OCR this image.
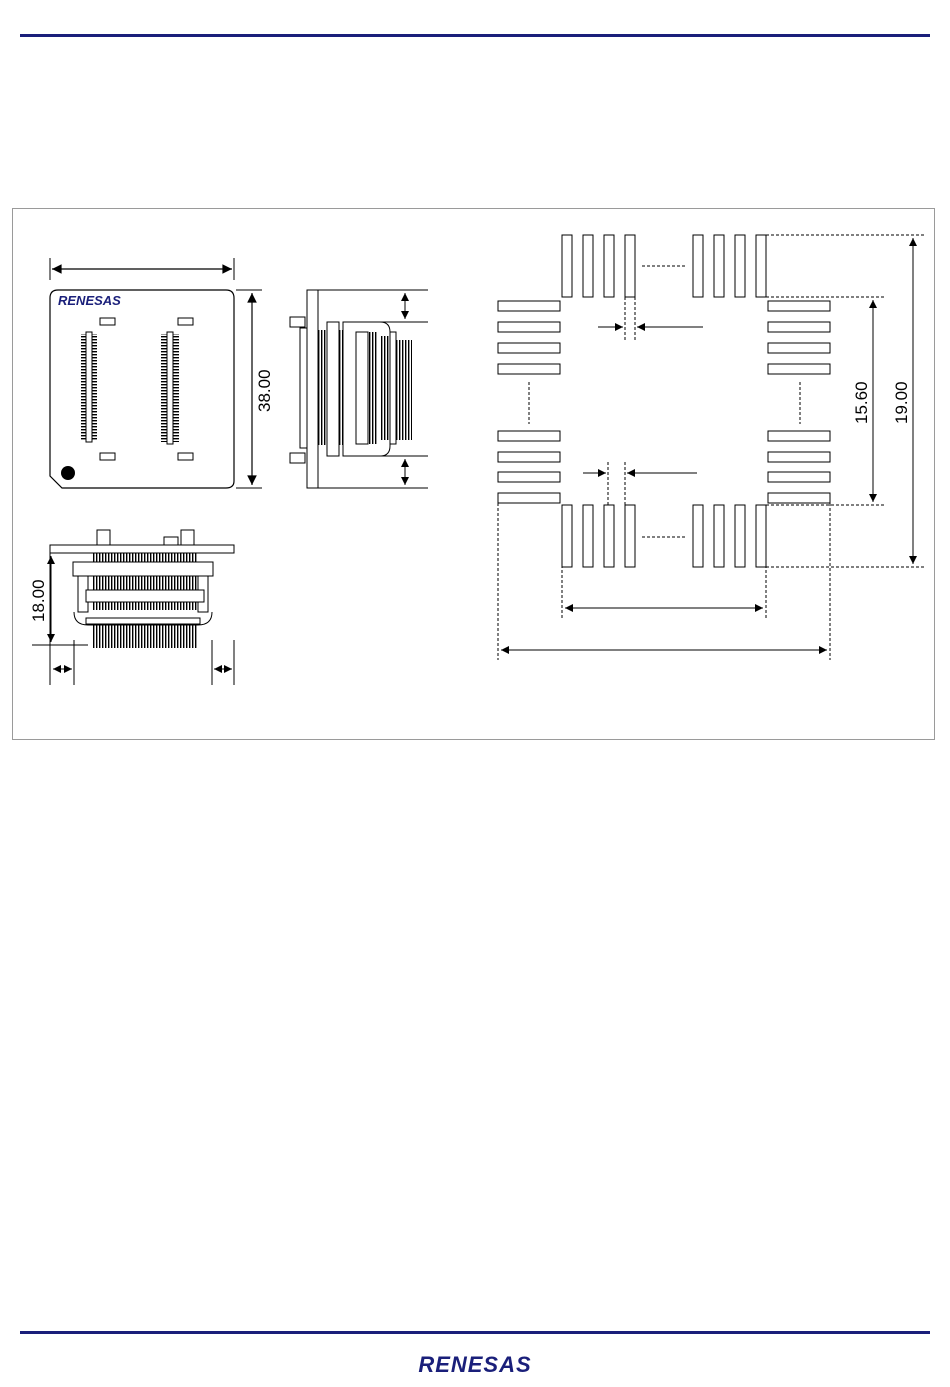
RENESAS
38.00
18.00
15.60 19.00
RENESAS
